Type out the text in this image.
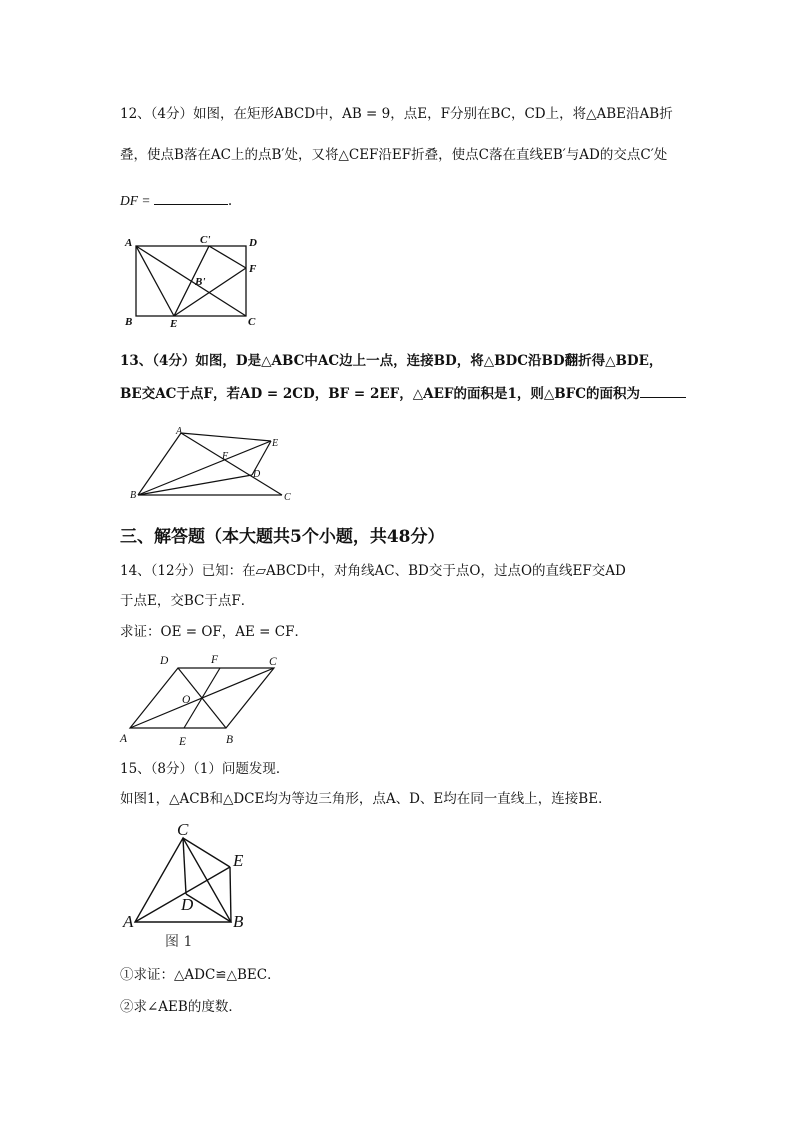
12、（4分）如图，在矩形ABCD中，AB = 9，点E，F分别在BC，CD上，将△ABE沿AB折
叠，使点B落在AC上的点B′处，又将△CEF沿EF折叠，使点C落在直线EB′与AD的交点C′处
DF =	.
A	C'	D
F
B'
B	E	C
13、（4分）如图，D是△ABC中AC边上一点，连接BD，将△BDC沿BD翻折得△BDE，
BE交AC于点F，若AD = 2CD，BF = 2EF，△AEF的面积是1，则△BFC的面积为
A
E
F
D
B	C
三、解答题（本大题共5个小题，共48分）
14、（12分）已知：在▱ABCD中，对角线AC、BD交于点O，过点O的直线EF交AD
于点E，交BC于点F．
求证：OE = OF，AE = CF．
D	F	C
O
A	E	B
15、（8分）（1）问题发现．
如图1，△ACB和△DCE均为等边三角形，点A、D、E均在同一直线上，连接BE．
C
E
D
A	B
图 1
①求证：△ADC≌△BEC．
②求∠AEB的度数．
